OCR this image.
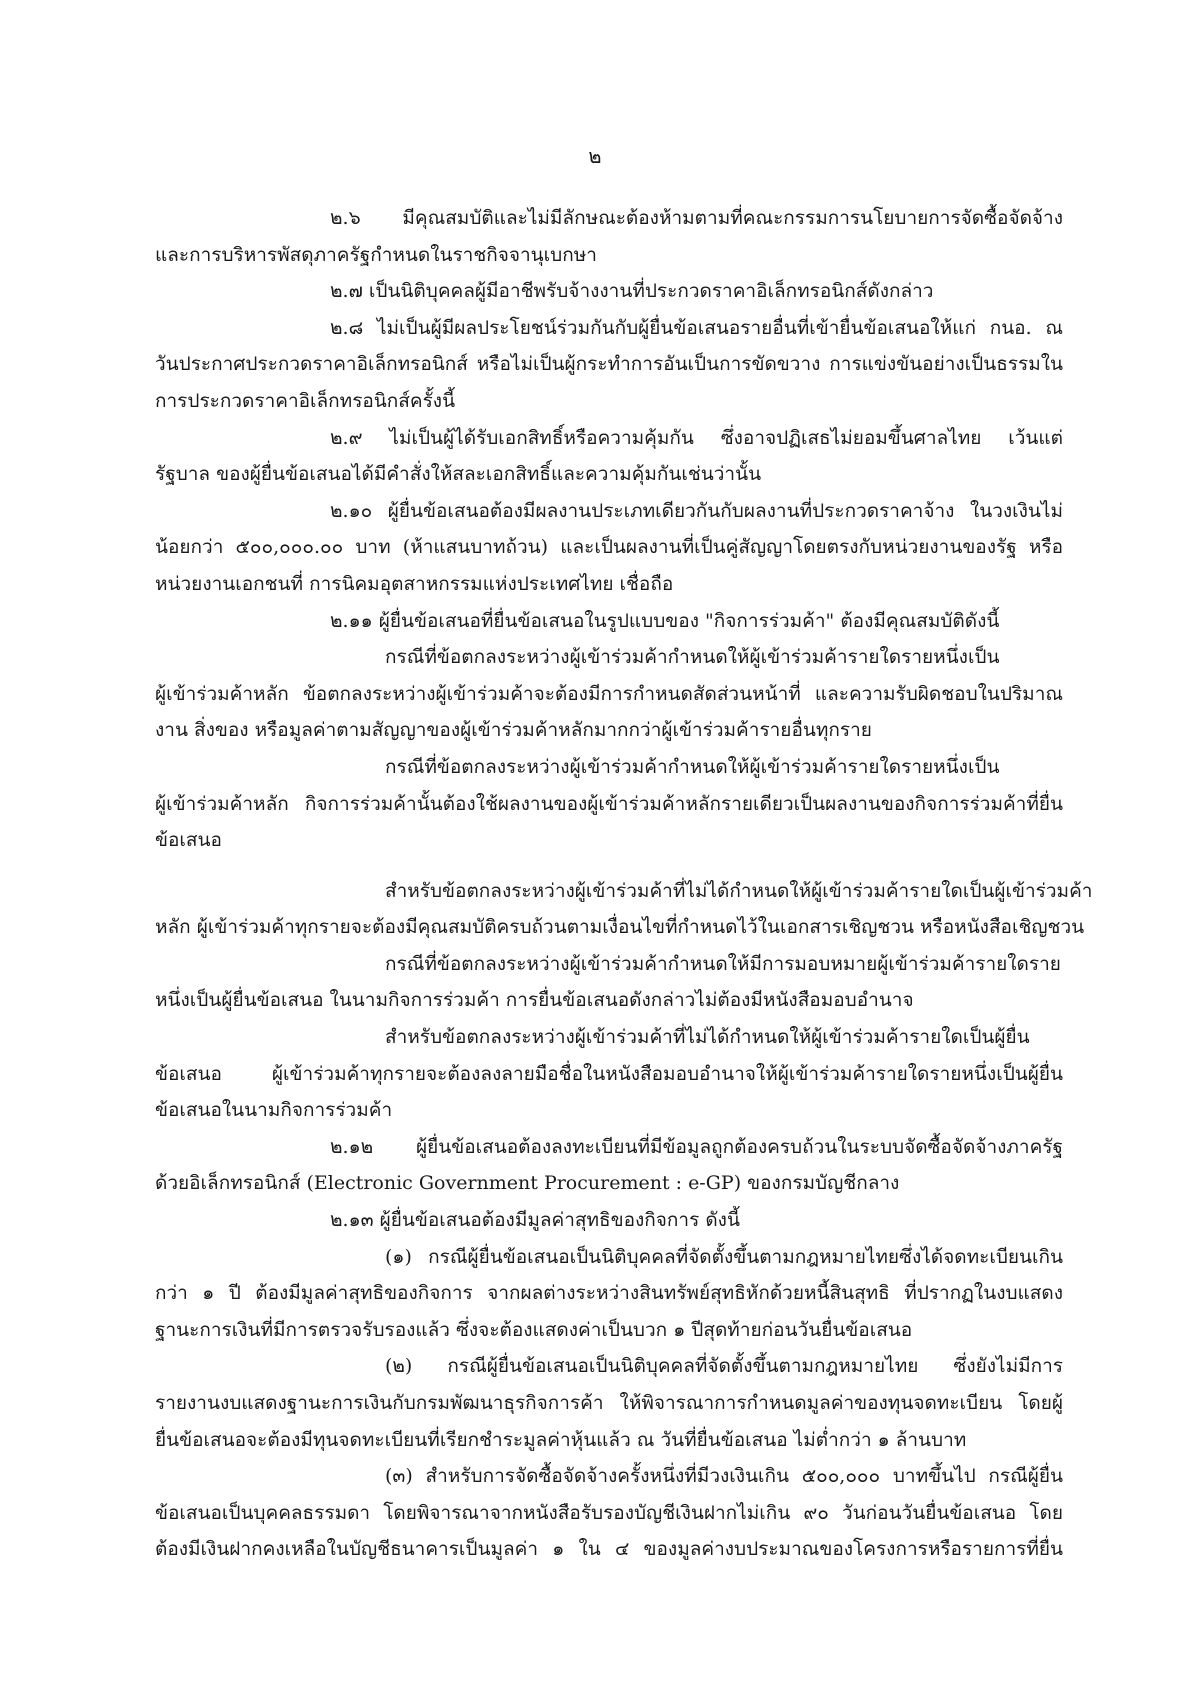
๒
๒.๖ มีคุณสมบัติและไม่มีลักษณะต้องห้ามตามที่คณะกรรมการนโยบายการจัดซื้อจัดจ้าง
และการบริหารพัสดุภาครัฐกำหนดในราชกิจจานุเบกษา
๒.๗ เป็นนิติบุคคลผู้มีอาชีพรับจ้างงานที่ประกวดราคาอิเล็กทรอนิกส์ดังกล่าว
๒.๘ ไม่เป็นผู้มีผลประโยชน์ร่วมกันกับผู้ยื่นข้อเสนอรายอื่นที่เข้ายื่นข้อเสนอให้แก่ กนอ. ณ
วันประกาศประกวดราคาอิเล็กทรอนิกส์ หรือไม่เป็นผู้กระทำการอันเป็นการขัดขวาง การแข่งขันอย่างเป็นธรรมใน
การประกวดราคาอิเล็กทรอนิกส์ครั้งนี้
๒.๙ ไม่เป็นผู้ได้รับเอกสิทธิ์หรือความคุ้มกัน ซึ่งอาจปฏิเสธไม่ยอมขึ้นศาลไทย เว้นแต่
รัฐบาล ของผู้ยื่นข้อเสนอได้มีคำสั่งให้สละเอกสิทธิ์และความคุ้มกันเช่นว่านั้น
๒.๑๐ ผู้ยื่นข้อเสนอต้องมีผลงานประเภทเดียวกันกับผลงานที่ประกวดราคาจ้าง ในวงเงินไม่
น้อยกว่า ๕๐๐,๐๐๐.๐๐ บาท (ห้าแสนบาทถ้วน) และเป็นผลงานที่เป็นคู่สัญญาโดยตรงกับหน่วยงานของรัฐ หรือ
หน่วยงานเอกชนที่ การนิคมอุตสาหกรรมแห่งประเทศไทย เชื่อถือ
๒.๑๑ ผู้ยื่นข้อเสนอที่ยื่นข้อเสนอในรูปแบบของ "กิจการร่วมค้า" ต้องมีคุณสมบัติดังนี้
กรณีที่ข้อตกลงระหว่างผู้เข้าร่วมค้ากำหนดให้ผู้เข้าร่วมค้ารายใดรายหนึ่งเป็น
ผู้เข้าร่วมค้าหลัก ข้อตกลงระหว่างผู้เข้าร่วมค้าจะต้องมีการกำหนดสัดส่วนหน้าที่ และความรับผิดชอบในปริมาณ
งาน สิ่งของ หรือมูลค่าตามสัญญาของผู้เข้าร่วมค้าหลักมากกว่าผู้เข้าร่วมค้ารายอื่นทุกราย
กรณีที่ข้อตกลงระหว่างผู้เข้าร่วมค้ากำหนดให้ผู้เข้าร่วมค้ารายใดรายหนึ่งเป็น
ผู้เข้าร่วมค้าหลัก กิจการร่วมค้านั้นต้องใช้ผลงานของผู้เข้าร่วมค้าหลักรายเดียวเป็นผลงานของกิจการร่วมค้าที่ยื่น
ข้อเสนอ
สำหรับข้อตกลงระหว่างผู้เข้าร่วมค้าที่ไม่ได้กำหนดให้ผู้เข้าร่วมค้ารายใดเป็นผู้เข้าร่วมค้า
หลัก ผู้เข้าร่วมค้าทุกรายจะต้องมีคุณสมบัติครบถ้วนตามเงื่อนไขที่กำหนดไว้ในเอกสารเชิญชวน หรือหนังสือเชิญชวน
กรณีที่ข้อตกลงระหว่างผู้เข้าร่วมค้ากำหนดให้มีการมอบหมายผู้เข้าร่วมค้ารายใดราย
หนึ่งเป็นผู้ยื่นข้อเสนอ ในนามกิจการร่วมค้า การยื่นข้อเสนอดังกล่าวไม่ต้องมีหนังสือมอบอำนาจ
สำหรับข้อตกลงระหว่างผู้เข้าร่วมค้าที่ไม่ได้กำหนดให้ผู้เข้าร่วมค้ารายใดเป็นผู้ยื่น
ข้อเสนอ ผู้เข้าร่วมค้าทุกรายจะต้องลงลายมือชื่อในหนังสือมอบอำนาจให้ผู้เข้าร่วมค้ารายใดรายหนึ่งเป็นผู้ยื่น
ข้อเสนอในนามกิจการร่วมค้า
๒.๑๒ ผู้ยื่นข้อเสนอต้องลงทะเบียนที่มีข้อมูลถูกต้องครบถ้วนในระบบจัดซื้อจัดจ้างภาครัฐ
ด้วยอิเล็กทรอนิกส์ (Electronic Government Procurement : e-GP) ของกรมบัญชีกลาง
๒.๑๓ ผู้ยื่นข้อเสนอต้องมีมูลค่าสุทธิของกิจการ ดังนี้
(๑) กรณีผู้ยื่นข้อเสนอเป็นนิติบุคคลที่จัดตั้งขึ้นตามกฎหมายไทยซึ่งได้จดทะเบียนเกิน
กว่า ๑ ปี ต้องมีมูลค่าสุทธิของกิจการ จากผลต่างระหว่างสินทรัพย์สุทธิหักด้วยหนี้สินสุทธิ ที่ปรากฏในงบแสดง
ฐานะการเงินที่มีการตรวจรับรองแล้ว ซึ่งจะต้องแสดงค่าเป็นบวก ๑ ปีสุดท้ายก่อนวันยื่นข้อเสนอ
(๒) กรณีผู้ยื่นข้อเสนอเป็นนิติบุคคลที่จัดตั้งขึ้นตามกฎหมายไทย ซึ่งยังไม่มีการ
รายงานงบแสดงฐานะการเงินกับกรมพัฒนาธุรกิจการค้า ให้พิจารณาการกำหนดมูลค่าของทุนจดทะเบียน โดยผู้
ยื่นข้อเสนอจะต้องมีทุนจดทะเบียนที่เรียกชำระมูลค่าหุ้นแล้ว ณ วันที่ยื่นข้อเสนอ ไม่ต่ำกว่า ๑ ล้านบาท
(๓) สำหรับการจัดซื้อจัดจ้างครั้งหนึ่งที่มีวงเงินเกิน ๕๐๐,๐๐๐ บาทขึ้นไป กรณีผู้ยื่น
ข้อเสนอเป็นบุคคลธรรมดา โดยพิจารณาจากหนังสือรับรองบัญชีเงินฝากไม่เกิน ๙๐ วันก่อนวันยื่นข้อเสนอ โดย
ต้องมีเงินฝากคงเหลือในบัญชีธนาคารเป็นมูลค่า ๑ ใน ๔ ของมูลค่างบประมาณของโครงการหรือรายการที่ยื่น
